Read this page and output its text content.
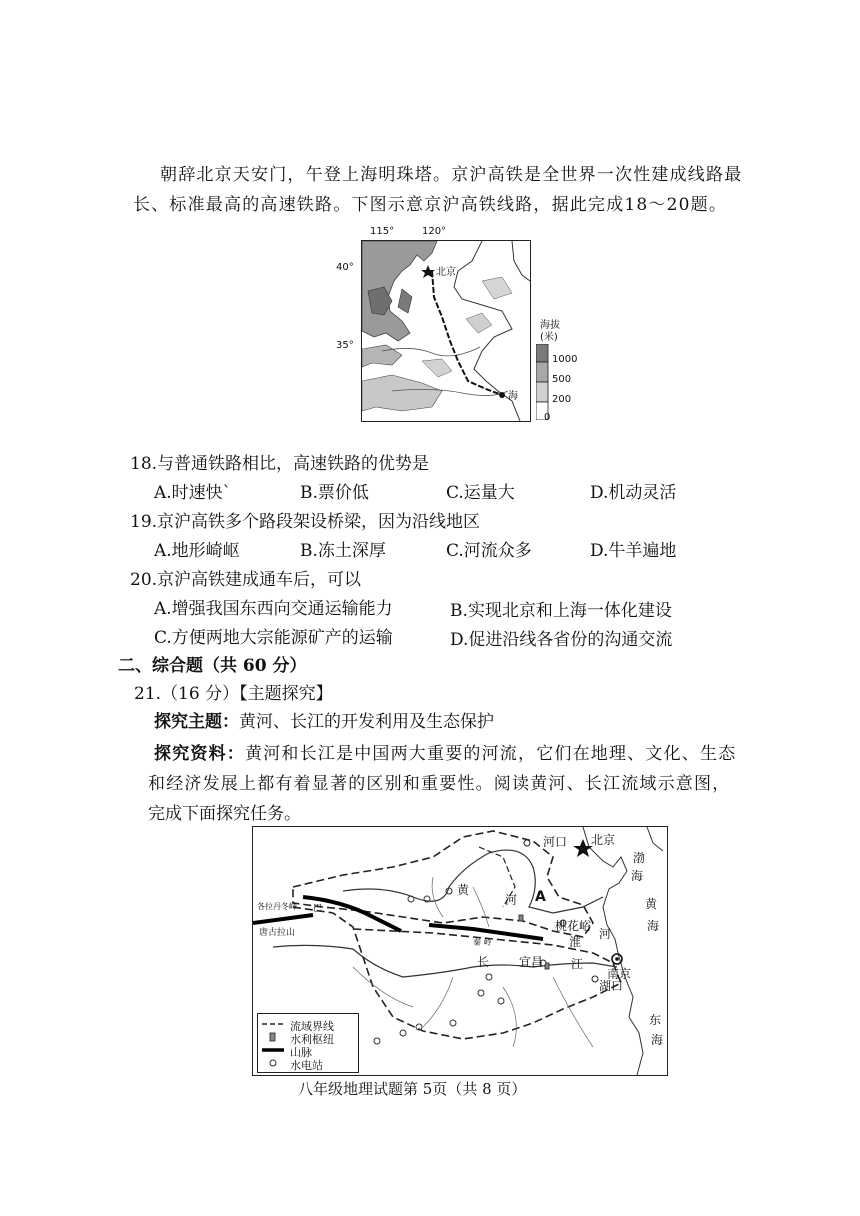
朝辞北京天安门，午登上海明珠塔。京沪高铁是全世界一次性建成线路最
长、标准最高的高速铁路。下图示意京沪高铁线路，据此完成18～20题。
115°	120°
40°
35°
北京
海
海拔
(米)
1000
500
200
0
18.与普通铁路相比，高速铁路的优势是
A.时速快`	B.票价低	C.运量大	D.机动灵活
19.京沪高铁多个路段架设桥梁，因为沿线地区
A.地形崎岖	B.冻土深厚	C.河流众多	D.牛羊遍地
20.京沪高铁建成通车后，可以
A.增强我国东西向交通运输能力	B.实现北京和上海一体化建设
C.方便两地大宗能源矿产的运输	D.促进沿线各省份的沟通交流
二、综合题（共 60 分）
21.（16 分）【主题探究】
探究主题：黄河、长江的开发利用及生态保护
探究资料：黄河和长江是中国两大重要的河流，它们在地理、文化、生态
和经济发展上都有着显著的区别和重要性。阅读黄河、长江流域示意图，
完成下面探究任务。
河口 北京
渤
海
黄
河 A	黄
海
桃花峪
淮
河
各拉丹冬峰 巴
唐古拉山
秦 岭
长 宜昌 江
南京
湖口
东
海
流域界线
水利枢纽
山脉
水电站
八年级地理试题第 5页（共 8 页）
